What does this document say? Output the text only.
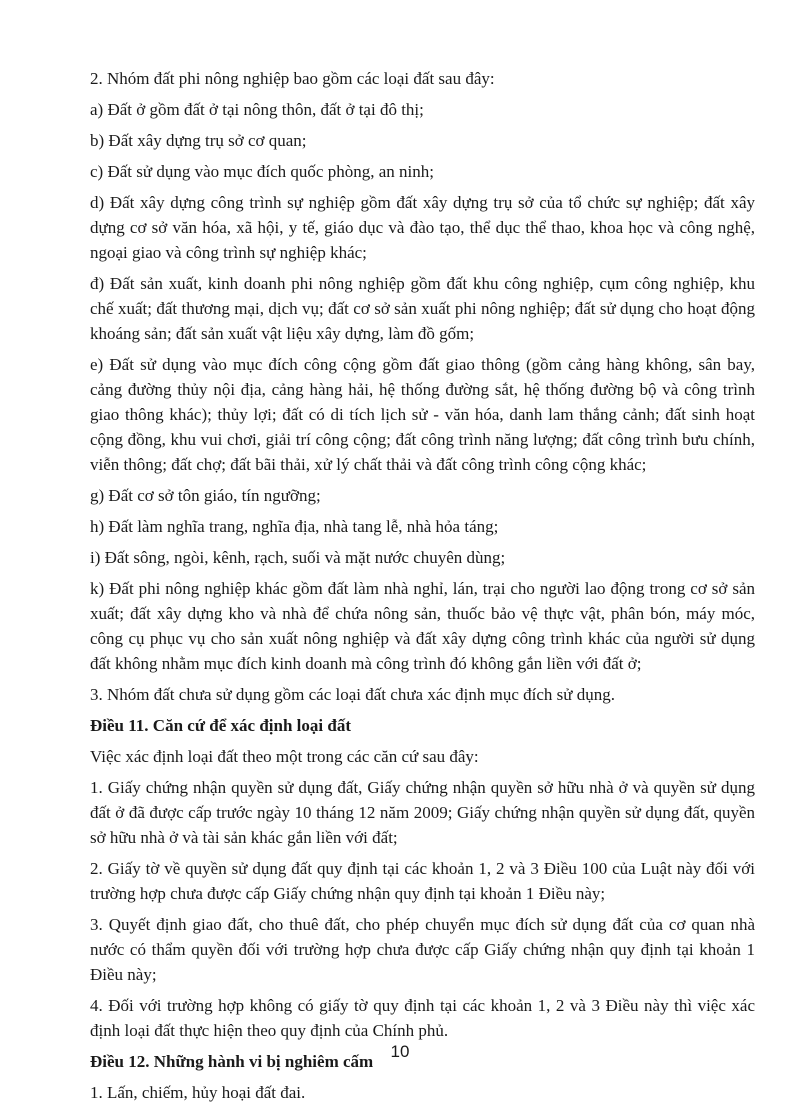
2. Nhóm đất phi nông nghiệp bao gồm các loại đất sau đây:

a) Đất ở gồm đất ở tại nông thôn, đất ở tại đô thị;

b) Đất xây dựng trụ sở cơ quan;

c) Đất sử dụng vào mục đích quốc phòng, an ninh;

d) Đất xây dựng công trình sự nghiệp gồm đất xây dựng trụ sở của tổ chức sự nghiệp; đất xây dựng cơ sở văn hóa, xã hội, y tế, giáo dục và đào tạo, thể dục thể thao, khoa học và công nghệ, ngoại giao và công trình sự nghiệp khác;

đ) Đất sản xuất, kinh doanh phi nông nghiệp gồm đất khu công nghiệp, cụm công nghiệp, khu chế xuất; đất thương mại, dịch vụ; đất cơ sở sản xuất phi nông nghiệp; đất sử dụng cho hoạt động khoáng sản; đất sản xuất vật liệu xây dựng, làm đồ gốm;

e) Đất sử dụng vào mục đích công cộng gồm đất giao thông (gồm cảng hàng không, sân bay, cảng đường thủy nội địa, cảng hàng hải, hệ thống đường sắt, hệ thống đường bộ và công trình giao thông khác); thủy lợi; đất có di tích lịch sử - văn hóa, danh lam thắng cảnh; đất sinh hoạt cộng đồng, khu vui chơi, giải trí công cộng; đất công trình năng lượng; đất công trình bưu chính, viễn thông; đất chợ; đất bãi thải, xử lý chất thải và đất công trình công cộng khác;

g) Đất cơ sở tôn giáo, tín ngưỡng;

h) Đất làm nghĩa trang, nghĩa địa, nhà tang lễ, nhà hỏa táng;

i) Đất sông, ngòi, kênh, rạch, suối và mặt nước chuyên dùng;

k) Đất phi nông nghiệp khác gồm đất làm nhà nghỉ, lán, trại cho người lao động trong cơ sở sản xuất; đất xây dựng kho và nhà để chứa nông sản, thuốc bảo vệ thực vật, phân bón, máy móc, công cụ phục vụ cho sản xuất nông nghiệp và đất xây dựng công trình khác của người sử dụng đất không nhằm mục đích kinh doanh mà công trình đó không gắn liền với đất ở;

3. Nhóm đất chưa sử dụng gồm các loại đất chưa xác định mục đích sử dụng.

Điều 11. Căn cứ để xác định loại đất

Việc xác định loại đất theo một trong các căn cứ sau đây:

1. Giấy chứng nhận quyền sử dụng đất, Giấy chứng nhận quyền sở hữu nhà ở và quyền sử dụng đất ở đã được cấp trước ngày 10 tháng 12 năm 2009; Giấy chứng nhận quyền sử dụng đất, quyền sở hữu nhà ở và tài sản khác gắn liền với đất;

2. Giấy tờ về quyền sử dụng đất quy định tại các khoản 1, 2 và 3 Điều 100 của Luật này đối với trường hợp chưa được cấp Giấy chứng nhận quy định tại khoản 1 Điều này;

3. Quyết định giao đất, cho thuê đất, cho phép chuyển mục đích sử dụng đất của cơ quan nhà nước có thẩm quyền đối với trường hợp chưa được cấp Giấy chứng nhận quy định tại khoản 1 Điều này;

4. Đối với trường hợp không có giấy tờ quy định tại các khoản 1, 2 và 3 Điều này thì việc xác định loại đất thực hiện theo quy định của Chính phủ.

Điều 12. Những hành vi bị nghiêm cấm

1. Lấn, chiếm, hủy hoại đất đai.

10
